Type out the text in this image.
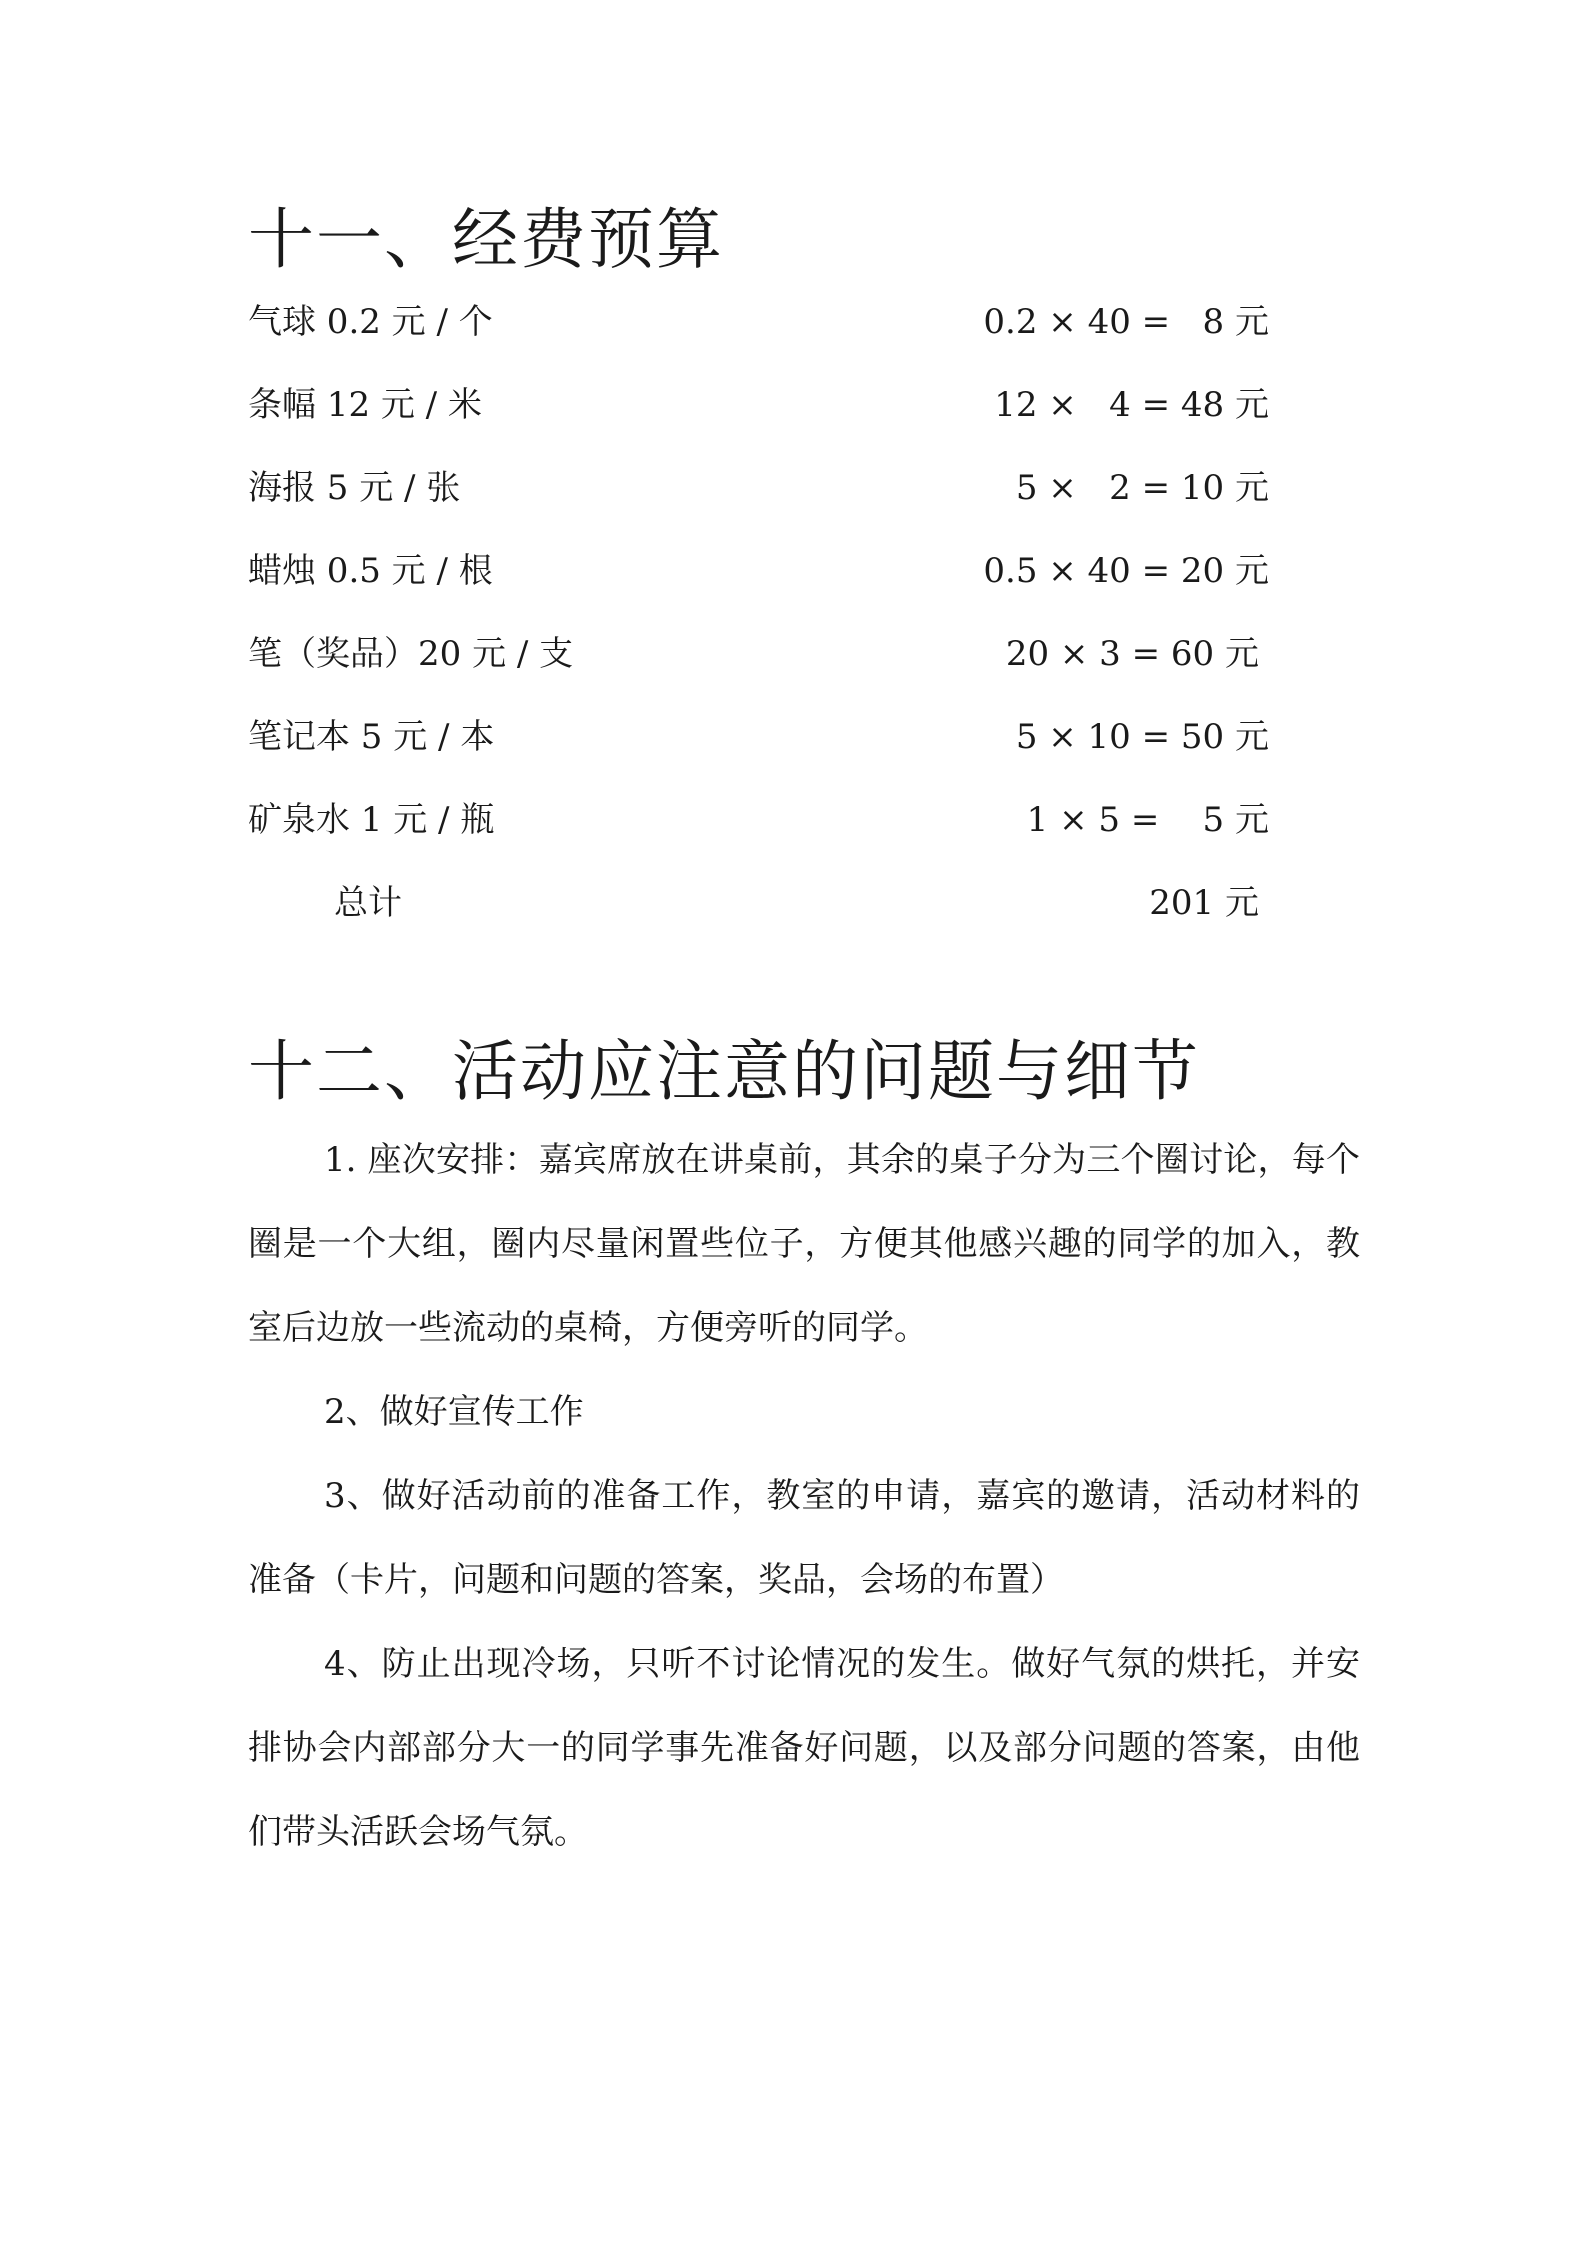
十一、经费预算
气球 0.2 元 / 个	0.2 × 40 =   8 元
条幅 12 元 / 米	12 ×   4 = 48 元
海报 5 元 / 张	5 ×   2 = 10 元
蜡烛 0.5 元 / 根	0.5 × 40 = 20 元
笔（奖品）20 元 / 支	20 × 3 = 60 元
笔记本 5 元 / 本	5 × 10 = 50 元
矿泉水 1 元 / 瓶	1 × 5 =    5 元
总计	201 元
十二、活动应注意的问题与细节

1. 座次安排：嘉宾席放在讲桌前，其余的桌子分为三个圈讨论，每个圈是一个大组，圈内尽量闲置些位子，方便其他感兴趣的同学的加入，教室后边放一些流动的桌椅，方便旁听的同学。

2、做好宣传工作

3、做好活动前的准备工作，教室的申请，嘉宾的邀请，活动材料的准备（卡片，问题和问题的答案，奖品，会场的布置）

4、防止出现冷场，只听不讨论情况的发生。做好气氛的烘托，并安排协会内部部分大一的同学事先准备好问题，以及部分问题的答案，由他们带头活跃会场气氛。
